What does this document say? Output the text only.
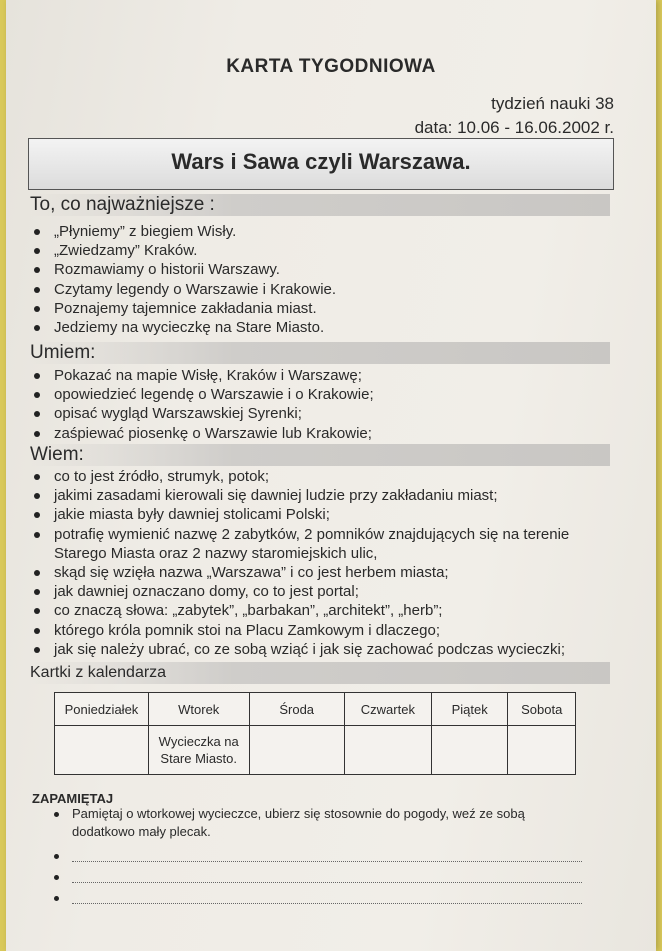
KARTA TYGODNIOWA
tydzień nauki 38
data: 10.06 - 16.06.2002 r.
Wars i Sawa czyli Warszawa.
To, co najważniejsze :
„Płyniemy” z biegiem Wisły.
„Zwiedzamy” Kraków.
Rozmawiamy o historii Warszawy.
Czytamy legendy o Warszawie i Krakowie.
Poznajemy tajemnice zakładania miast.
Jedziemy na wycieczkę na Stare Miasto.
Umiem:
Pokazać na mapie Wisłę, Kraków i Warszawę;
opowiedzieć legendę o Warszawie i o Krakowie;
opisać wygląd Warszawskiej Syrenki;
zaśpiewać piosenkę o Warszawie lub Krakowie;
Wiem:
co to jest źródło, strumyk, potok;
jakimi zasadami kierowali się dawniej ludzie przy zakładaniu miast;
jakie miasta były dawniej stolicami Polski;
potrafię wymienić nazwę 2 zabytków, 2 pomników znajdujących się na terenie Starego Miasta oraz 2 nazwy staromiejskich ulic,
skąd się wzięła nazwa „Warszawa” i co jest herbem miasta;
jak dawniej oznaczano domy, co to jest portal;
co znaczą słowa: „zabytek”, „barbakan”, „architekt”, „herb”;
którego króla pomnik stoi na Placu Zamkowym i dlaczego;
jak się należy ubrać, co ze sobą wziąć i jak się zachować podczas wycieczki;
Kartki z kalendarza
Poniedziałek	Wtorek	Środa	Czwartek	Piątek	Sobota
	Wycieczka na Stare Miasto.				
ZAPAMIĘTAJ
Pamiętaj o wtorkowej wycieczce, ubierz się stosownie do pogody, weź ze sobą dodatkowo mały plecak.
